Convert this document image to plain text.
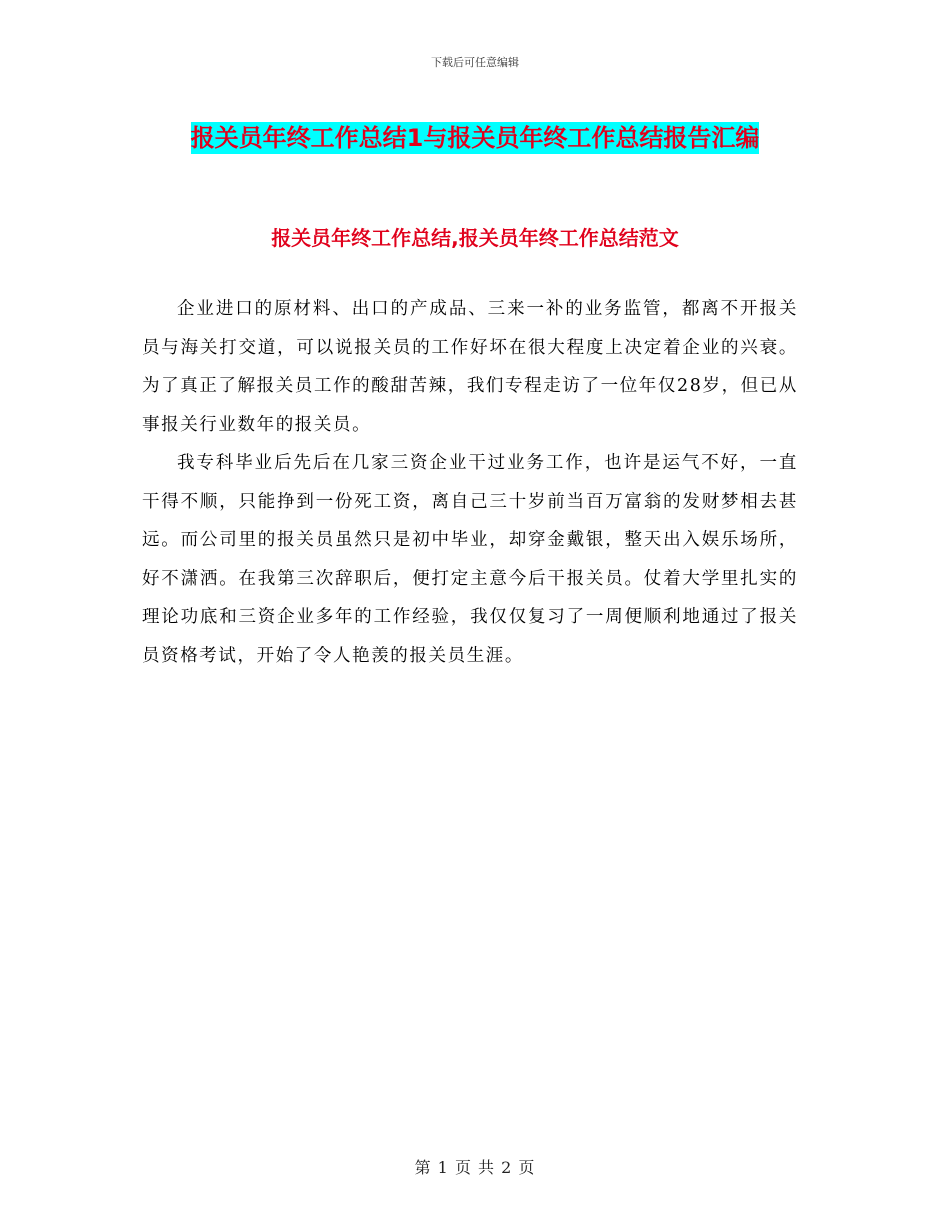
下载后可任意编辑
报关员年终工作总结1与报关员年终工作总结报告汇编
报关员年终工作总结,报关员年终工作总结范文

企业进口的原材料、出口的产成品、三来一补的业务监管，都离不开报关员与海关打交道，可以说报关员的工作好坏在很大程度上决定着企业的兴衰。为了真正了解报关员工作的酸甜苦辣，我们专程走访了一位年仅28岁，但已从事报关行业数年的报关员。

我专科毕业后先后在几家三资企业干过业务工作，也许是运气不好，一直干得不顺，只能挣到一份死工资，离自己三十岁前当百万富翁的发财梦相去甚远。而公司里的报关员虽然只是初中毕业，却穿金戴银，整天出入娱乐场所，好不潇洒。在我第三次辞职后，便打定主意今后干报关员。仗着大学里扎实的理论功底和三资企业多年的工作经验，我仅仅复习了一周便顺利地通过了报关员资格考试，开始了令人艳羡的报关员生涯。

第 1 页 共 2 页
